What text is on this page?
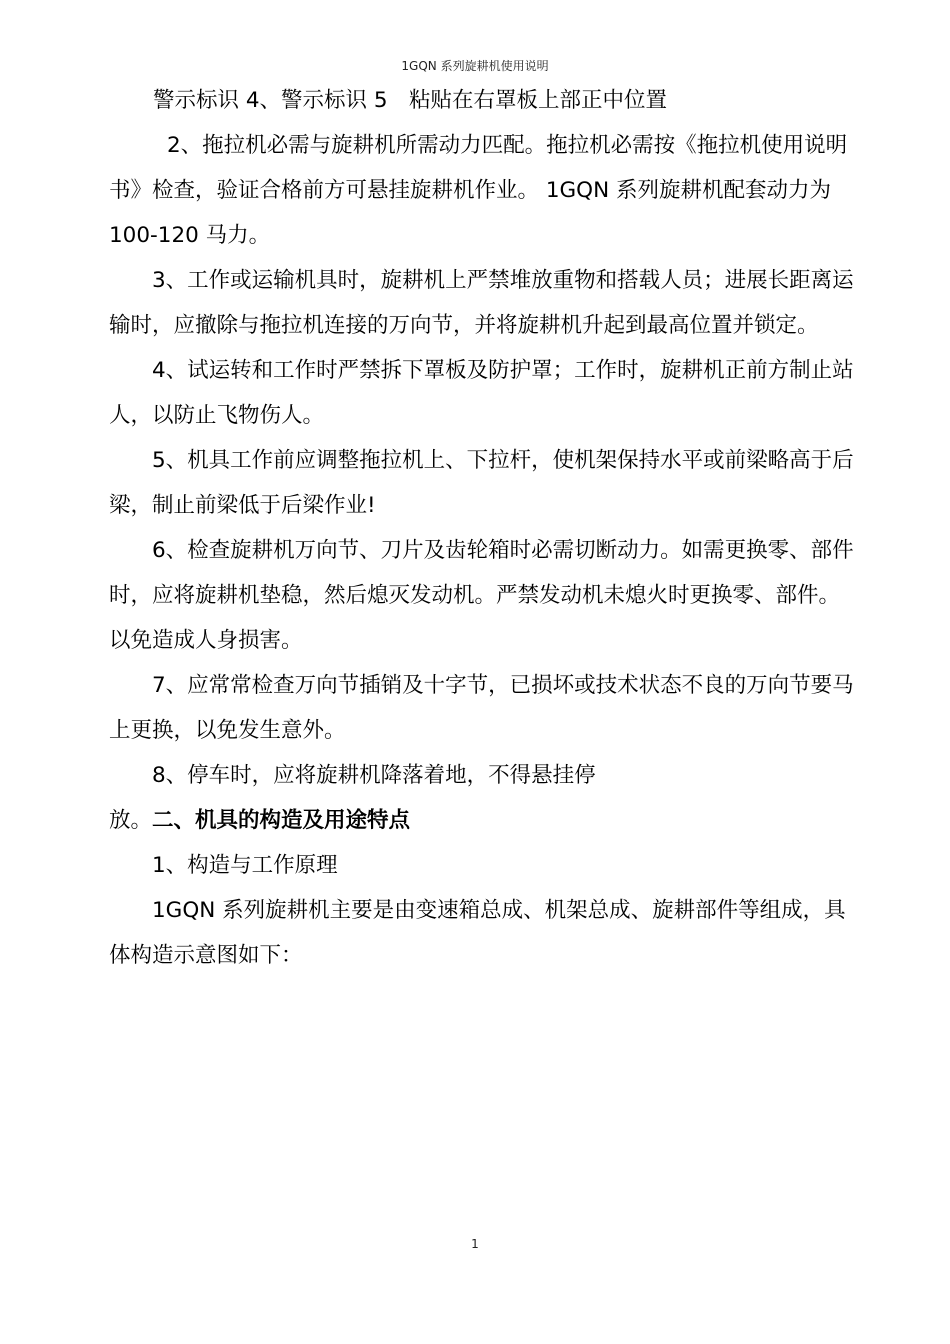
1GQN 系列旋耕机使用说明

警示标识 4、警示标识 5　粘贴在右罩板上部正中位置

2、拖拉机必需与旋耕机所需动力匹配。拖拉机必需按《拖拉机使用说明书》检查，验证合格前方可悬挂旋耕机作业。 1GQN 系列旋耕机配套动力为 100-120 马力。

3、工作或运输机具时，旋耕机上严禁堆放重物和搭载人员；进展长距离运输时，应撤除与拖拉机连接的万向节，并将旋耕机升起到最高位置并锁定。

4、试运转和工作时严禁拆下罩板及防护罩；工作时，旋耕机正前方制止站人，以防止飞物伤人。

5、机具工作前应调整拖拉机上、下拉杆，使机架保持水平或前梁略高于后梁，制止前梁低于后梁作业!

6、检查旋耕机万向节、刀片及齿轮箱时必需切断动力。如需更换零、部件时，应将旋耕机垫稳，然后熄灭发动机。严禁发动机未熄火时更换零、部件。以免造成人身损害。

7、应常常检查万向节插销及十字节，已损坏或技术状态不良的万向节要马上更换，以免发生意外。

8、停车时，应将旋耕机降落着地，不得悬挂停

放。二、机具的构造及用途特点

1、构造与工作原理

1GQN 系列旋耕机主要是由变速箱总成、机架总成、旋耕部件等组成，具体构造示意图如下：

1
